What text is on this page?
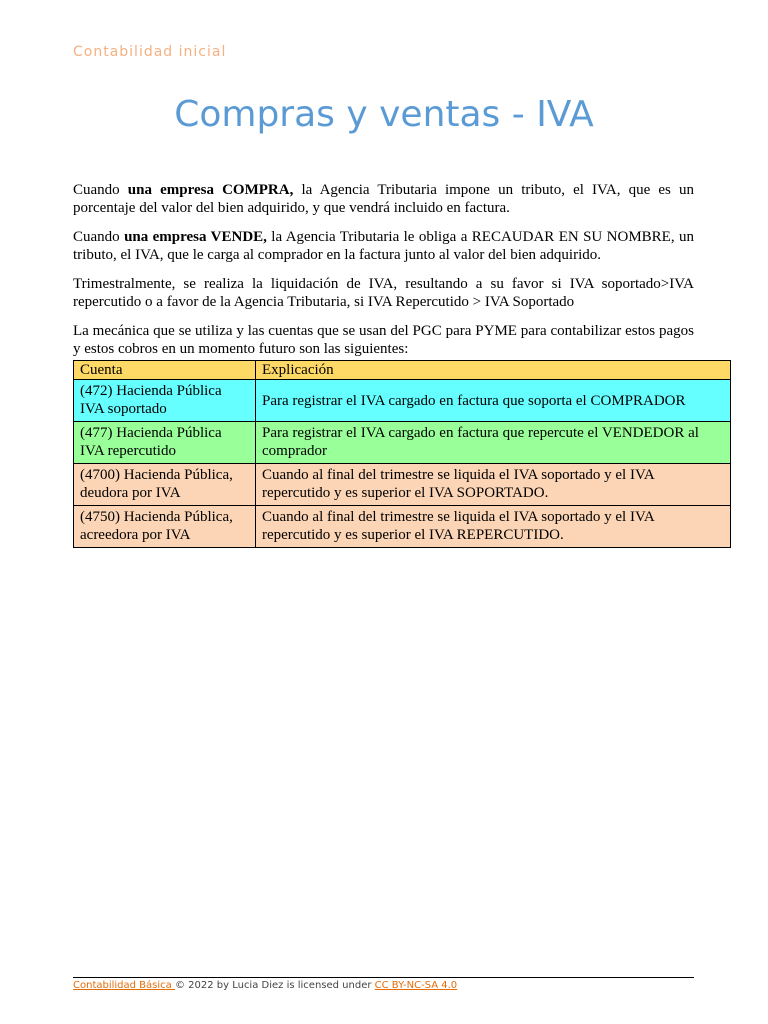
Contabilidad inicial
Compras y ventas - IVA

Cuando una empresa COMPRA, la Agencia Tributaria impone un tributo, el IVA, que es un porcentaje del valor del bien adquirido, y que vendrá incluido en factura.

Cuando una empresa VENDE, la Agencia Tributaria le obliga a RECAUDAR EN SU NOMBRE, un tributo, el IVA, que le carga al comprador en la factura junto al valor del bien adquirido.

Trimestralmente, se realiza la liquidación de IVA, resultando a su favor si IVA soportado>IVA repercutido o a favor de la Agencia Tributaria, si IVA Repercutido > IVA Soportado

La mecánica que se utiliza y las cuentas que se usan del PGC para PYME para contabilizar estos pagos y estos cobros en un momento futuro son las siguientes:

Cuenta	Explicación
(472) Hacienda Pública IVA soportado	Para registrar el IVA cargado en factura que soporta el COMPRADOR
(477) Hacienda Pública IVA repercutido	Para registrar el IVA cargado en factura que repercute el VENDEDOR al comprador
(4700) Hacienda Pública, deudora por IVA	Cuando al final del trimestre se liquida el IVA soportado y el IVA repercutido y es superior el IVA SOPORTADO.
(4750) Hacienda Pública, acreedora por IVA	Cuando al final del trimestre se liquida el IVA soportado y el IVA repercutido y es superior el IVA REPERCUTIDO.
Contabilidad Básica © 2022 by Lucia Diez is licensed under CC BY-NC-SA 4.0
